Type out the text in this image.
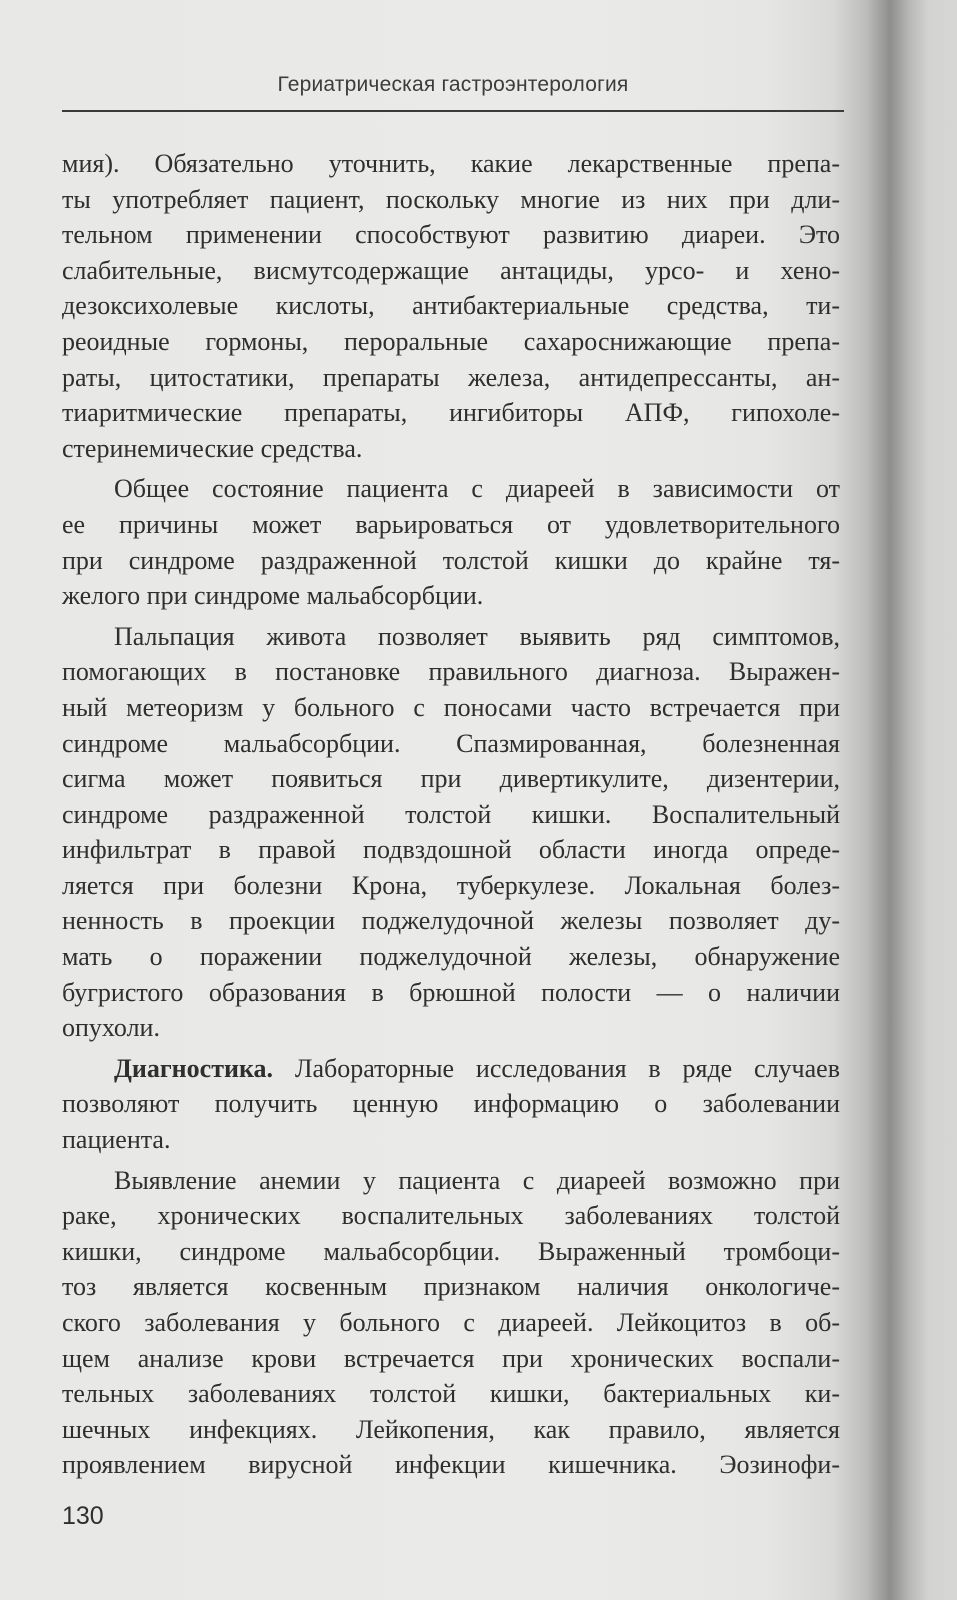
Гериатрическая гастроэнтерология
мия). Обязательно уточнить, какие лекарственные препа-
ты употребляет пациент, поскольку многие из них при дли-
тельном применении способствуют развитию диареи. Это
слабительные, висмутсодержащие антациды, урсо- и хено-
дезоксихолевые кислоты, антибактериальные средства, ти-
реоидные гормоны, пероральные сахароснижающие препа-
раты, цитостатики, препараты железа, антидепрессанты, ан-
тиаритмические препараты, ингибиторы АПФ, гипохоле-
стеринемические средства.
Общее состояние пациента с диареей в зависимости от
ее причины может варьироваться от удовлетворительного
при синдроме раздраженной толстой кишки до крайне тя-
желого при синдроме мальабсорбции.
Пальпация живота позволяет выявить ряд симптомов,
помогающих в постановке правильного диагноза. Выражен-
ный метеоризм у больного с поносами часто встречается при
синдроме мальабсорбции. Спазмированная, болезненная
сигма может появиться при дивертикулите, дизентерии,
синдроме раздраженной толстой кишки. Воспалительный
инфильтрат в правой подвздошной области иногда опреде-
ляется при болезни Крона, туберкулезе. Локальная болез-
ненность в проекции поджелудочной железы позволяет ду-
мать о поражении поджелудочной железы, обнаружение
бугристого образования в брюшной полости — о наличии
опухоли.
Диагностика. Лабораторные исследования в ряде случаев
позволяют получить ценную информацию о заболевании
пациента.
Выявление анемии у пациента с диареей возможно при
раке, хронических воспалительных заболеваниях толстой
кишки, синдроме мальабсорбции. Выраженный тромбоци-
тоз является косвенным признаком наличия онкологиче-
ского заболевания у больного с диареей. Лейкоцитоз в об-
щем анализе крови встречается при хронических воспали-
тельных заболеваниях толстой кишки, бактериальных ки-
шечных инфекциях. Лейкопения, как правило, является
проявлением вирусной инфекции кишечника. Эозинофи-
130
